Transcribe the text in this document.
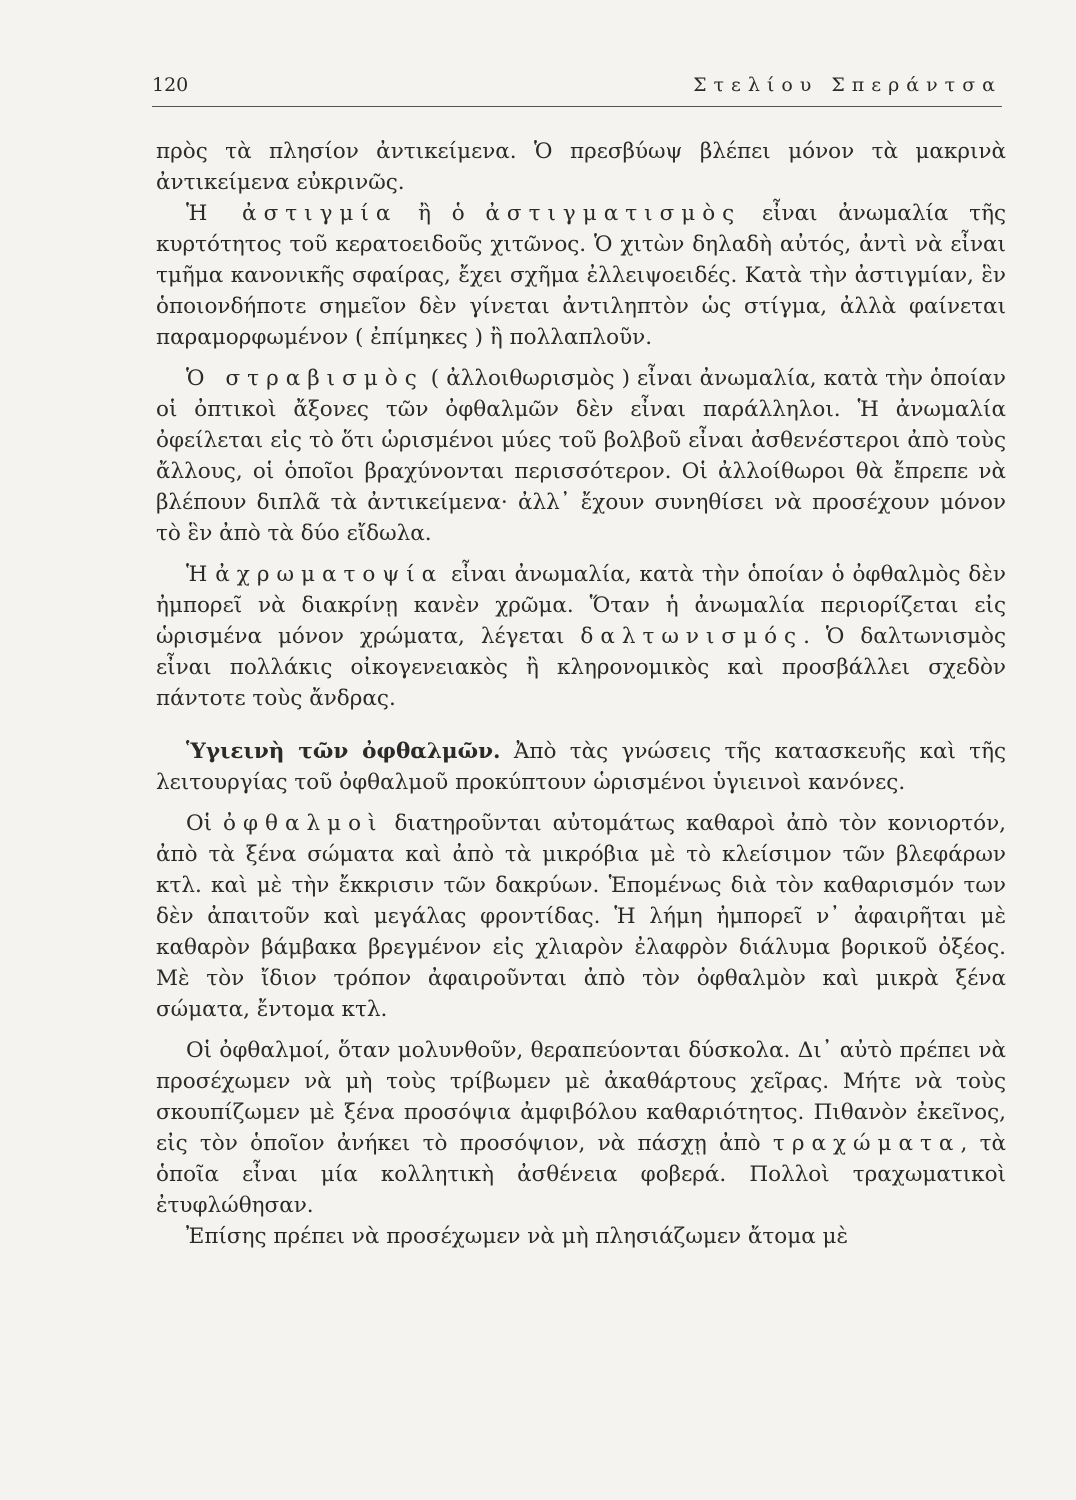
120	Στελίου Σπεράντσα

πρὸς τὰ πλησίον ἀντικείμενα. Ὁ πρεσβύωψ βλέπει μόνον τὰ μακρινὰ ἀντικείμενα εὐκρινῶς.

Ἡ ἀστιγμία ἢ ὁ ἀστιγματισμὸς εἶναι ἀνωμαλία τῆς κυρτότητος τοῦ κερατοειδοῦς χιτῶνος. Ὁ χιτὼν δηλαδὴ αὐτός, ἀντὶ νὰ εἶναι τμῆμα κανονικῆς σφαίρας, ἔχει σχῆμα ἐλλειψοειδές. Κατὰ τὴν ἀστιγμίαν, ἓν ὁποιονδήποτε σημεῖον δὲν γίνεται ἀντιληπτὸν ὡς στίγμα, ἀλλὰ φαίνεται παραμορφωμένον ( ἐπίμηκες ) ἢ πολλαπλοῦν.

Ὁ στραβισμὸς ( ἀλλοιθωρισμὸς ) εἶναι ἀνωμαλία, κατὰ τὴν ὁποίαν οἱ ὀπτικοὶ ἄξονες τῶν ὀφθαλμῶν δὲν εἶναι παράλληλοι. Ἡ ἀνωμαλία ὀφείλεται εἰς τὸ ὅτι ὡρισμένοι μύες τοῦ βολβοῦ εἶναι ἀσθενέστεροι ἀπὸ τοὺς ἄλλους, οἱ ὁποῖοι βραχύνονται περισσότερον. Οἱ ἀλλοίθωροι θὰ ἔπρεπε νὰ βλέπουν διπλᾶ τὰ ἀντικείμενα· ἀλλ᾽ ἔχουν συνηθίσει νὰ προσέχουν μόνον τὸ ἓν ἀπὸ τὰ δύο εἴδωλα.

Ἡ ἀχρωματοψία εἶναι ἀνωμαλία, κατὰ τὴν ὁποίαν ὁ ὀφθαλμὸς δὲν ἠμπορεῖ νὰ διακρίνῃ κανὲν χρῶμα. Ὅταν ἡ ἀνωμαλία περιορίζεται εἰς ὡρισμένα μόνον χρώματα, λέγεται δαλτωνισμός. Ὁ δαλτωνισμὸς εἶναι πολλάκις οἰκογενειακὸς ἢ κληρονομικὸς καὶ προσβάλλει σχεδὸν πάντοτε τοὺς ἄνδρας.

Ὑγιεινὴ τῶν ὀφθαλμῶν. Ἀπὸ τὰς γνώσεις τῆς κατασκευῆς καὶ τῆς λειτουργίας τοῦ ὀφθαλμοῦ προκύπτουν ὡρισμένοι ὑγιεινοὶ κανόνες.

Οἱ ὀφθαλμοὶ διατηροῦνται αὐτομάτως καθαροὶ ἀπὸ τὸν κονιορτόν, ἀπὸ τὰ ξένα σώματα καὶ ἀπὸ τὰ μικρόβια μὲ τὸ κλείσιμον τῶν βλεφάρων κτλ. καὶ μὲ τὴν ἔκκρισιν τῶν δακρύων. Ἑπομένως διὰ τὸν καθαρισμόν των δὲν ἀπαιτοῦν καὶ μεγάλας φροντίδας. Ἡ λήμη ἠμπορεῖ ν᾽ ἀφαιρῆται μὲ καθαρὸν βάμβακα βρεγμένον εἰς χλιαρὸν ἐλαφρὸν διάλυμα βορικοῦ ὀξέος. Μὲ τὸν ἴδιον τρόπον ἀφαιροῦνται ἀπὸ τὸν ὀφθαλμὸν καὶ μικρὰ ξένα σώματα, ἔντομα κτλ.

Οἱ ὀφθαλμοί, ὅταν μολυνθοῦν, θεραπεύονται δύσκολα. Δι᾽ αὐτὸ πρέπει νὰ προσέχωμεν νὰ μὴ τοὺς τρίβωμεν μὲ ἀκαθάρτους χεῖρας. Μήτε νὰ τοὺς σκουπίζωμεν μὲ ξένα προσόψια ἀμφιβόλου καθαριότητος. Πιθανὸν ἐκεῖνος, εἰς τὸν ὁποῖον ἀνήκει τὸ προσόψιον, νὰ πάσχῃ ἀπὸ τραχώματα, τὰ ὁποῖα εἶναι μία κολλητικὴ ἀσθένεια φοβερά. Πολλοὶ τραχωματικοὶ ἐτυφλώθησαν.

Ἐπίσης πρέπει νὰ προσέχωμεν νὰ μὴ πλησιάζωμεν ἄτομα μὲ
